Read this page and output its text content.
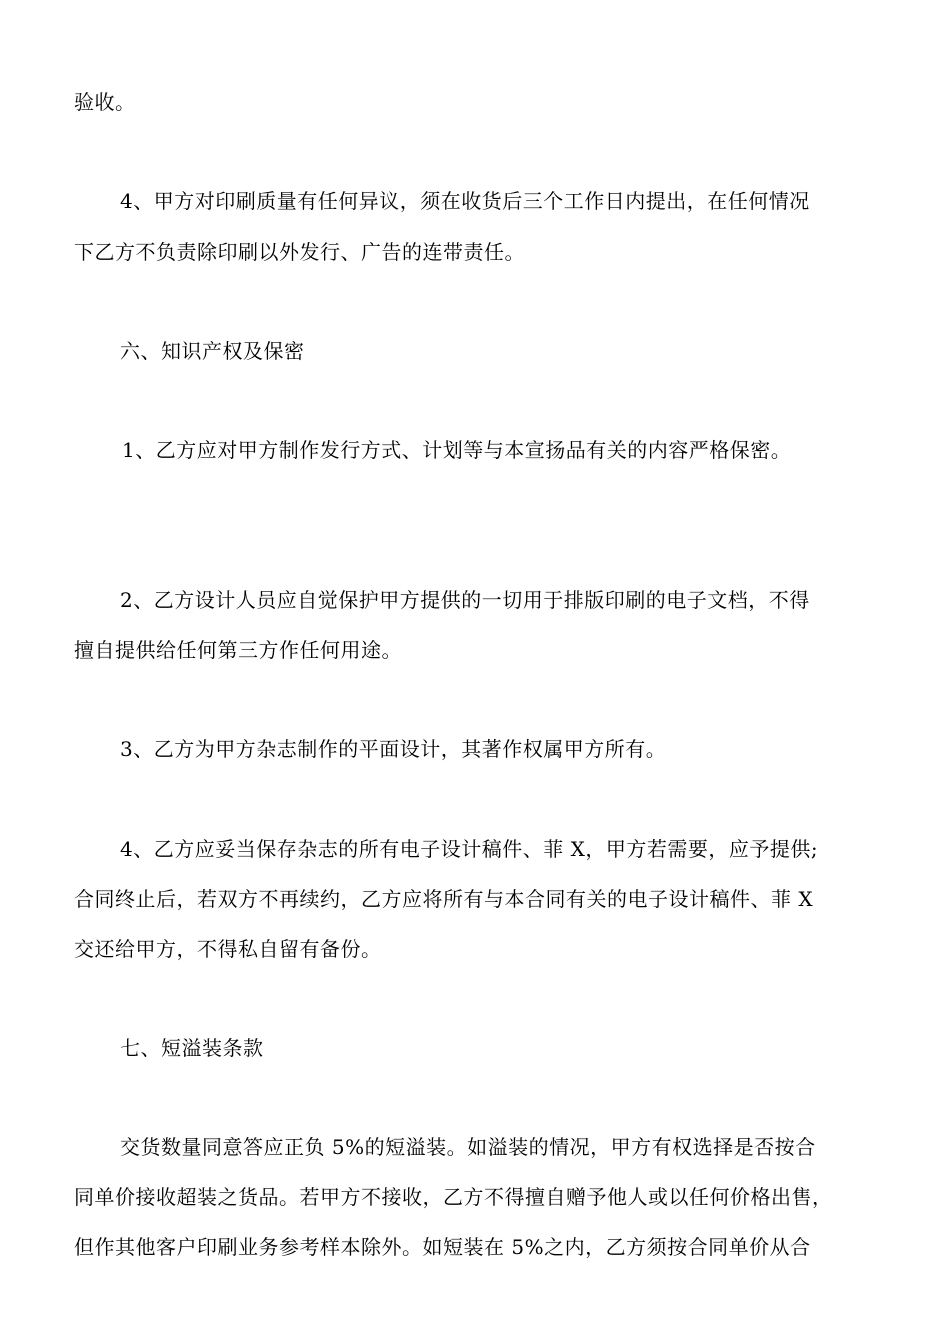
验收。
4、甲方对印刷质量有任何异议，须在收货后三个工作日内提出，在任何情况
下乙方不负责除印刷以外发行、广告的连带责任。
六、知识产权及保密
1、乙方应对甲方制作发行方式、计划等与本宣扬品有关的内容严格保密。
2、乙方设计人员应自觉保护甲方提供的一切用于排版印刷的电子文档，不得
擅自提供给任何第三方作任何用途。
3、乙方为甲方杂志制作的平面设计，其著作权属甲方所有。
4、乙方应妥当保存杂志的所有电子设计稿件、菲 X，甲方若需要，应予提供;
合同终止后，若双方不再续约，乙方应将所有与本合同有关的电子设计稿件、菲 X
交还给甲方，不得私自留有备份。
七、短溢装条款
交货数量同意答应正负 5%的短溢装。如溢装的情况，甲方有权选择是否按合
同单价接收超装之货品。若甲方不接收，乙方不得擅自赠予他人或以任何价格出售，
但作其他客户印刷业务参考样本除外。如短装在 5%之内，乙方须按合同单价从合
